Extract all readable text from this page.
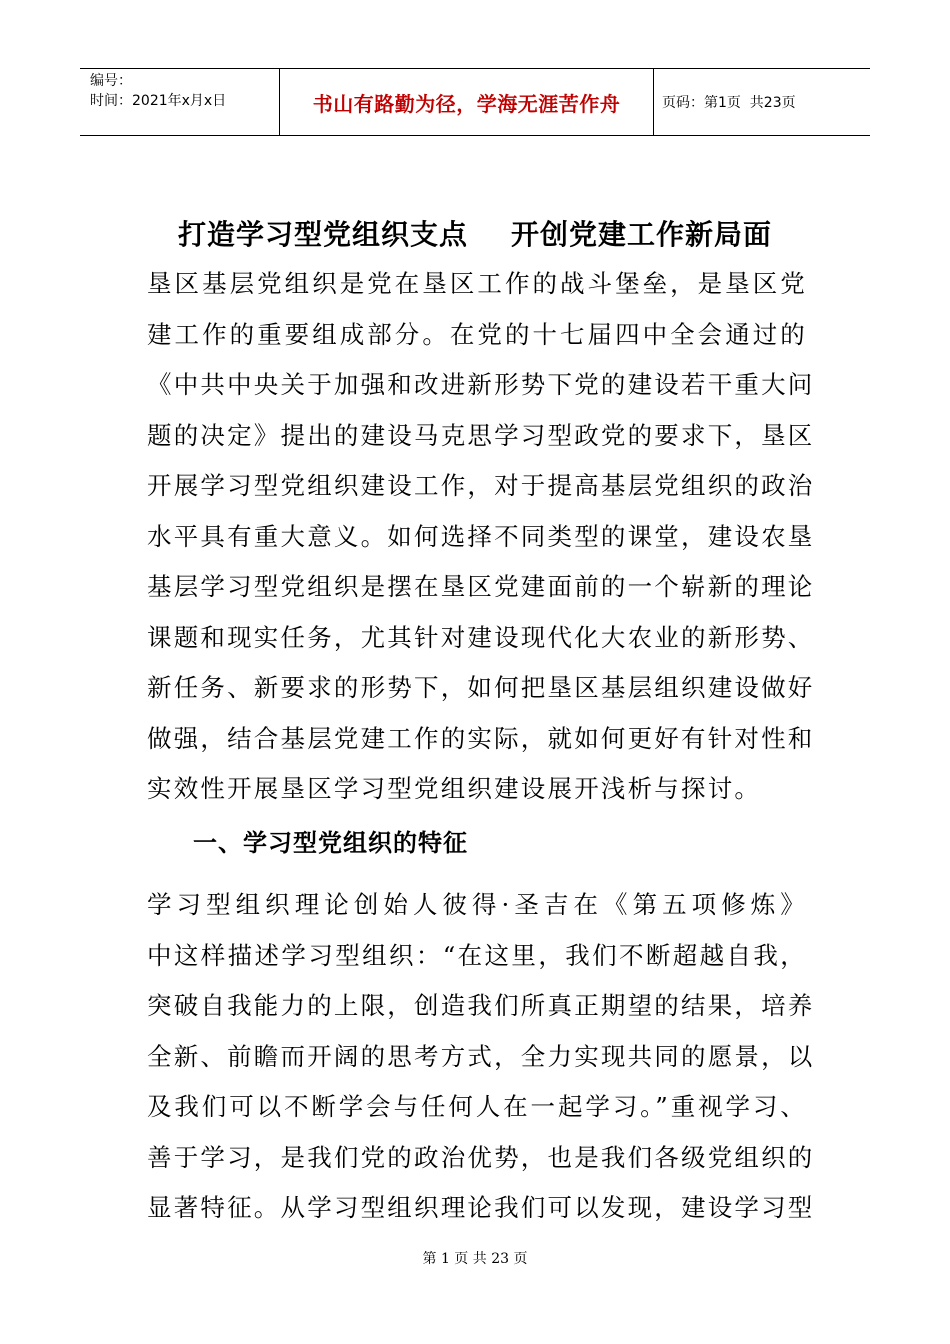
编号：
时间：2021年x月x日	书山有路勤为径，学海无涯苦作舟	页码：第1页  共23页
打造学习型党组织支点    开创党建工作新局面
垦区基层党组织是党在垦区工作的战斗堡垒，是垦区党
建工作的重要组成部分。在党的十七届四中全会通过的
《中共中央关于加强和改进新形势下党的建设若干重大问
题的决定》提出的建设马克思学习型政党的要求下，垦区
开展学习型党组织建设工作，对于提高基层党组织的政治
水平具有重大意义。如何选择不同类型的课堂，建设农垦
基层学习型党组织是摆在垦区党建面前的一个崭新的理论
课题和现实任务，尤其针对建设现代化大农业的新形势、
新任务、新要求的形势下，如何把垦区基层组织建设做好
做强，结合基层党建工作的实际，就如何更好有针对性和
实效性开展垦区学习型党组织建设展开浅析与探讨。
一、学习型党组织的特征
学习型组织理论创始人彼得·圣吉在《第五项修炼》
中这样描述学习型组织：“在这里，我们不断超越自我，
突破自我能力的上限，创造我们所真正期望的结果，培养
全新、前瞻而开阔的思考方式，全力实现共同的愿景，以
及我们可以不断学会与任何人在一起学习。”重视学习、
善于学习，是我们党的政治优势，也是我们各级党组织的
显著特征。从学习型组织理论我们可以发现，建设学习型
第 1 页 共 23 页
